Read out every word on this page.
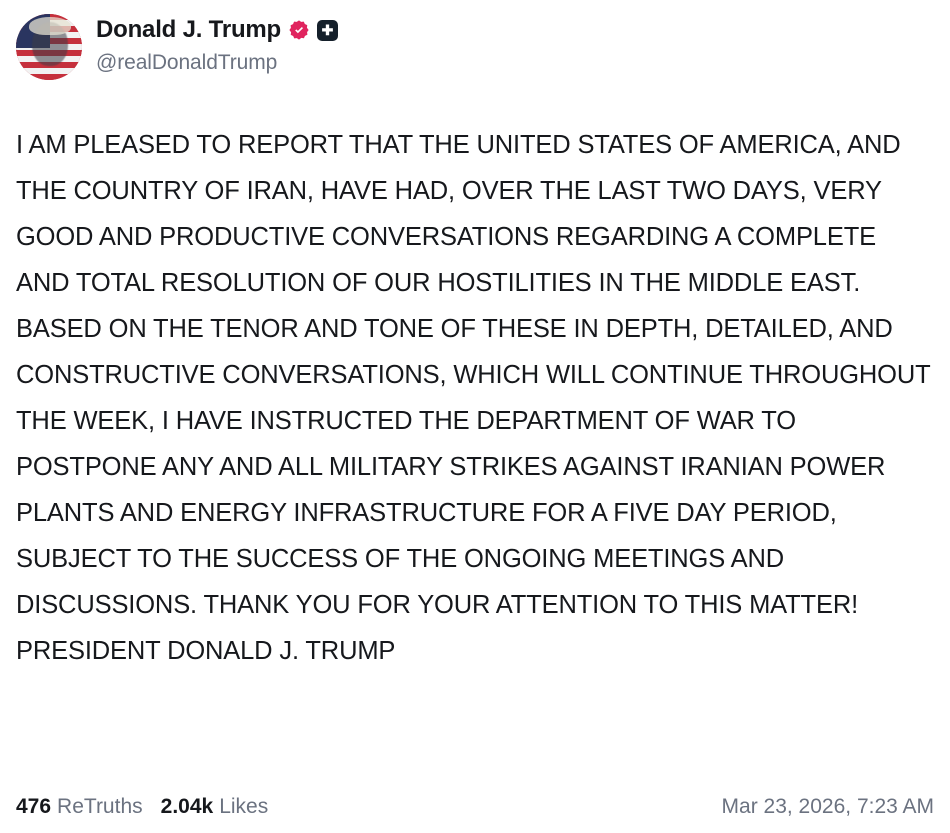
Donald J. Trump	✚
@realDonaldTrump
I AM PLEASED TO REPORT THAT THE UNITED STATES OF AMERICA, AND THE COUNTRY OF IRAN, HAVE HAD, OVER THE LAST TWO DAYS, VERY GOOD AND PRODUCTIVE CONVERSATIONS REGARDING A COMPLETE AND TOTAL RESOLUTION OF OUR HOSTILITIES IN THE MIDDLE EAST. BASED ON THE TENOR AND TONE OF THESE IN DEPTH, DETAILED, AND CONSTRUCTIVE CONVERSATIONS, WHICH WILL CONTINUE THROUGHOUT THE WEEK, I HAVE INSTRUCTED THE DEPARTMENT OF WAR TO POSTPONE ANY AND ALL MILITARY STRIKES AGAINST IRANIAN POWER PLANTS AND ENERGY INFRASTRUCTURE FOR A FIVE DAY PERIOD, SUBJECT TO THE SUCCESS OF THE ONGOING MEETINGS AND DISCUSSIONS. THANK YOU FOR YOUR ATTENTION TO THIS MATTER! PRESIDENT DONALD J. TRUMP
476 ReTruths 2.04k Likes	Mar 23, 2026, 7:23 AM
